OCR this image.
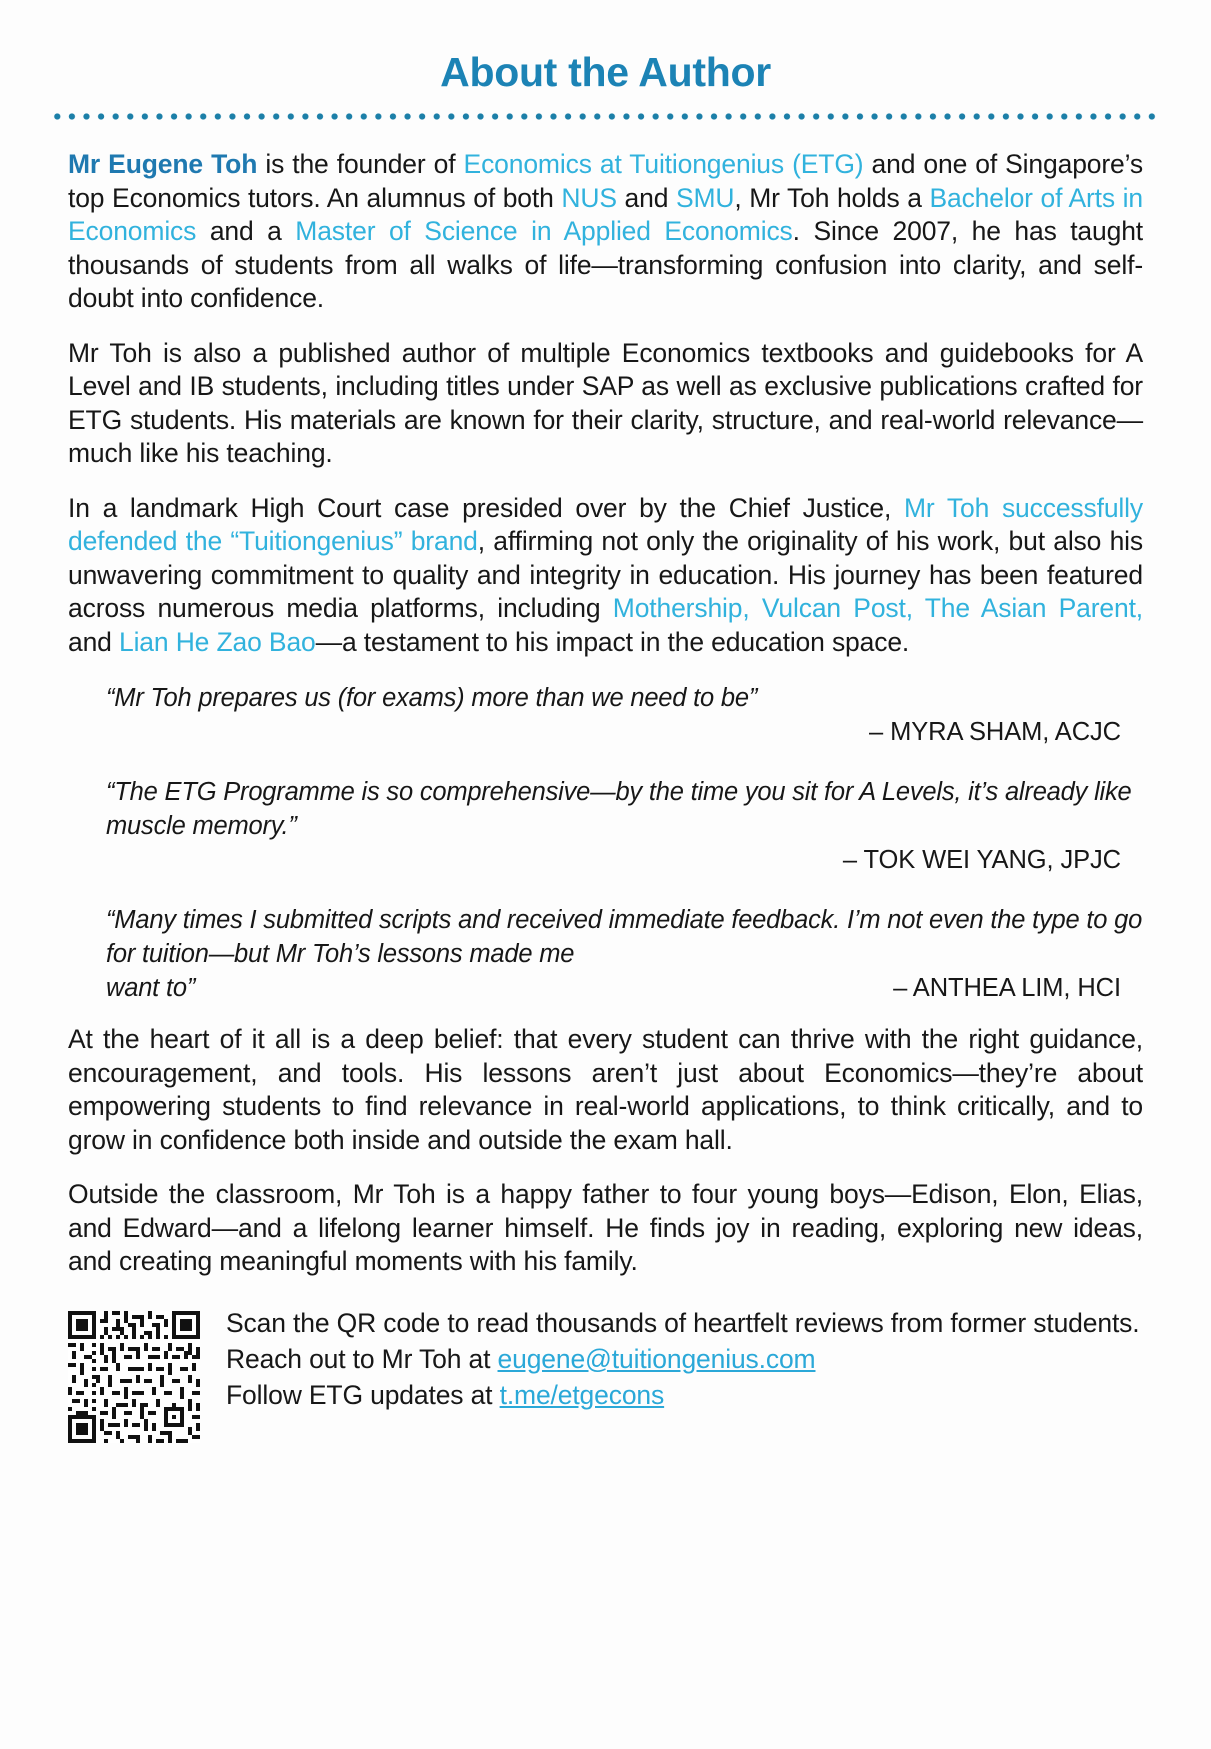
About the Author

Mr Eugene Toh is the founder of Economics at Tuitiongenius (ETG) and one of Singapore’s top Economics tutors. An alumnus of both NUS and SMU, Mr Toh holds a Bachelor of Arts in Economics and a Master of Science in Applied Economics. Since 2007, he has taught thousands of students from all walks of life—transforming confusion into clarity, and self-doubt into confidence.

Mr Toh is also a published author of multiple Economics textbooks and guidebooks for A Level and IB students, including titles under SAP as well as exclusive publications crafted for ETG students. His materials are known for their clarity, structure, and real-world relevance—much like his teaching.

In a landmark High Court case presided over by the Chief Justice, Mr Toh successfully defended the “Tuitiongenius” brand, affirming not only the originality of his work, but also his unwavering commitment to quality and integrity in education. His journey has been featured across numerous media platforms, including Mothership, Vulcan Post, The Asian Parent, and Lian He Zao Bao—a testament to his impact in the education space.

“Mr Toh prepares us (for exams) more than we need to be”

– MYRA SHAM, ACJC

“The ETG Programme is so comprehensive—by the time you sit for A Levels, it’s already like muscle memory.”

– TOK WEI YANG, JPJC

“Many times I submitted scripts and received immediate feedback. I’m not even the type to go for tuition—but Mr Toh’s lessons made me

want to”	– ANTHEA LIM, HCI

At the heart of it all is a deep belief: that every student can thrive with the right guidance, encouragement, and tools. His lessons aren’t just about Economics—they’re about empowering students to find relevance in real-world applications, to think critically, and to grow in confidence both inside and outside the exam hall.

Outside the classroom, Mr Toh is a happy father to four young boys—Edison, Elon, Elias, and Edward—and a lifelong learner himself. He finds joy in reading, exploring new ideas, and creating meaningful moments with his family.

Scan the QR code to read thousands of heartfelt reviews from former students.
Reach out to Mr Toh at eugene@tuitiongenius.com
Follow ETG updates at t.me/etgecons
